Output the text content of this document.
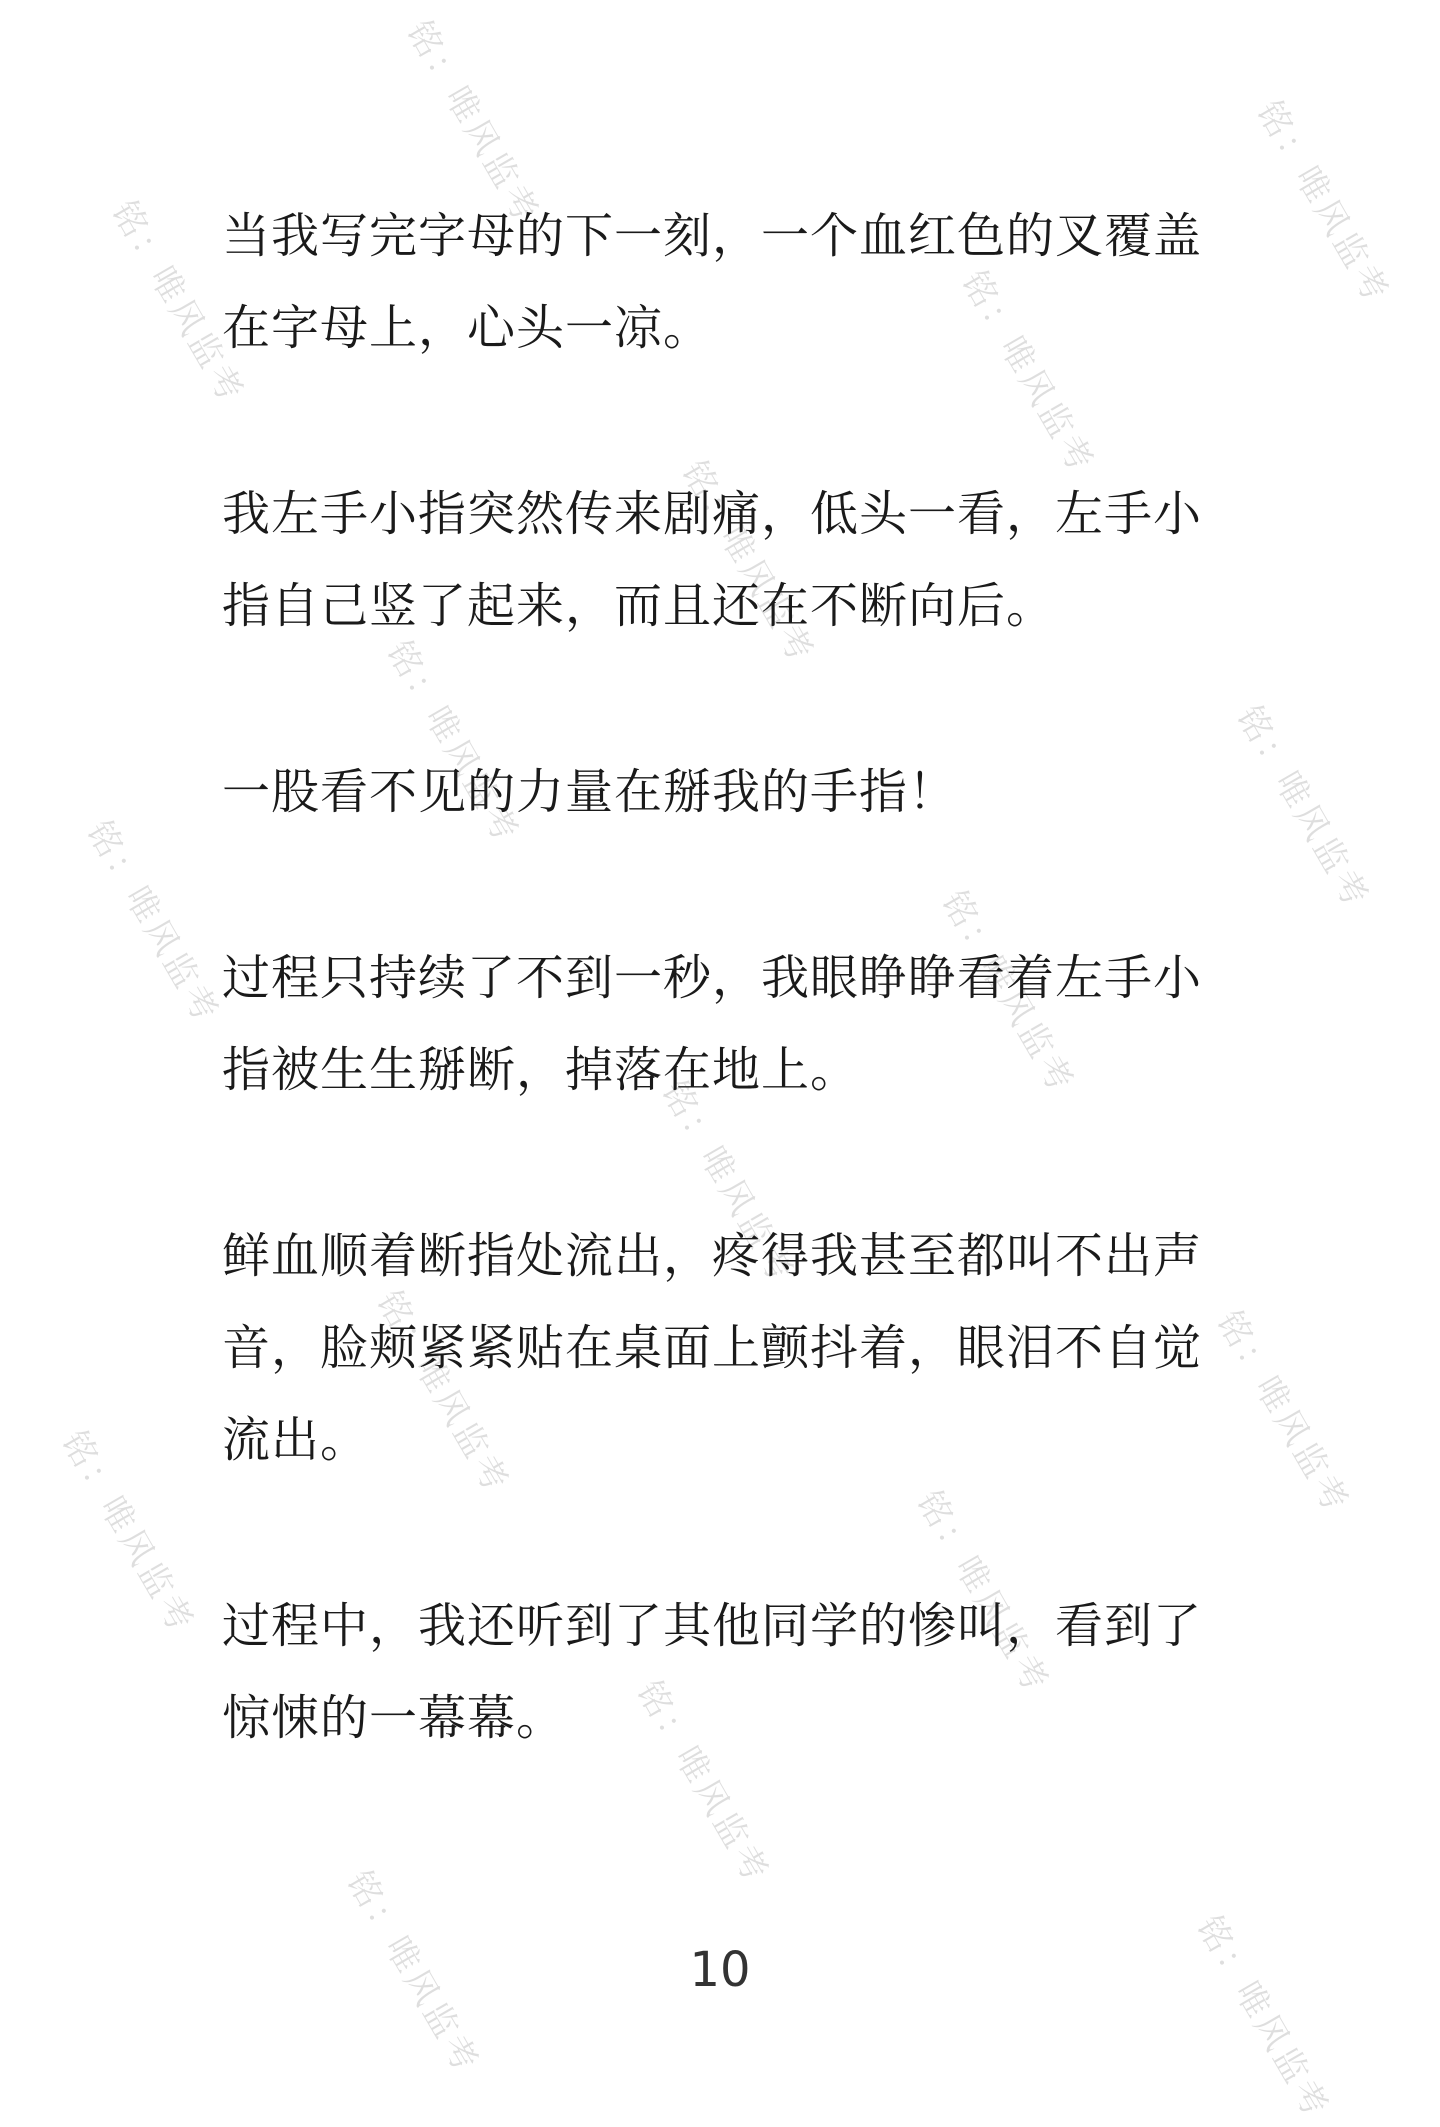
铭：唯风监考	铭：唯风监考
铭：唯风监考	铭：唯风监考
铭：唯风监考
铭：唯风监考	铭：唯风监考
铭：唯风监考	铭：唯风监考
铭：唯风监考
铭：唯风监考	铭：唯风监考
铭：唯风监考	铭：唯风监考
铭：唯风监考
铭：唯风监考	铭：唯风监考

当我写完字母的下一刻，一个血红色的叉覆盖在字母上，心头一凉。

我左手小指突然传来剧痛，低头一看，左手小指自己竖了起来，而且还在不断向后。

一股看不见的力量在掰我的手指！

过程只持续了不到一秒，我眼睁睁看着左手小指被生生掰断，掉落在地上。

鲜血顺着断指处流出，疼得我甚至都叫不出声音，脸颊紧紧贴在桌面上颤抖着，眼泪不自觉流出。

过程中，我还听到了其他同学的惨叫，看到了惊悚的一幕幕。

10
